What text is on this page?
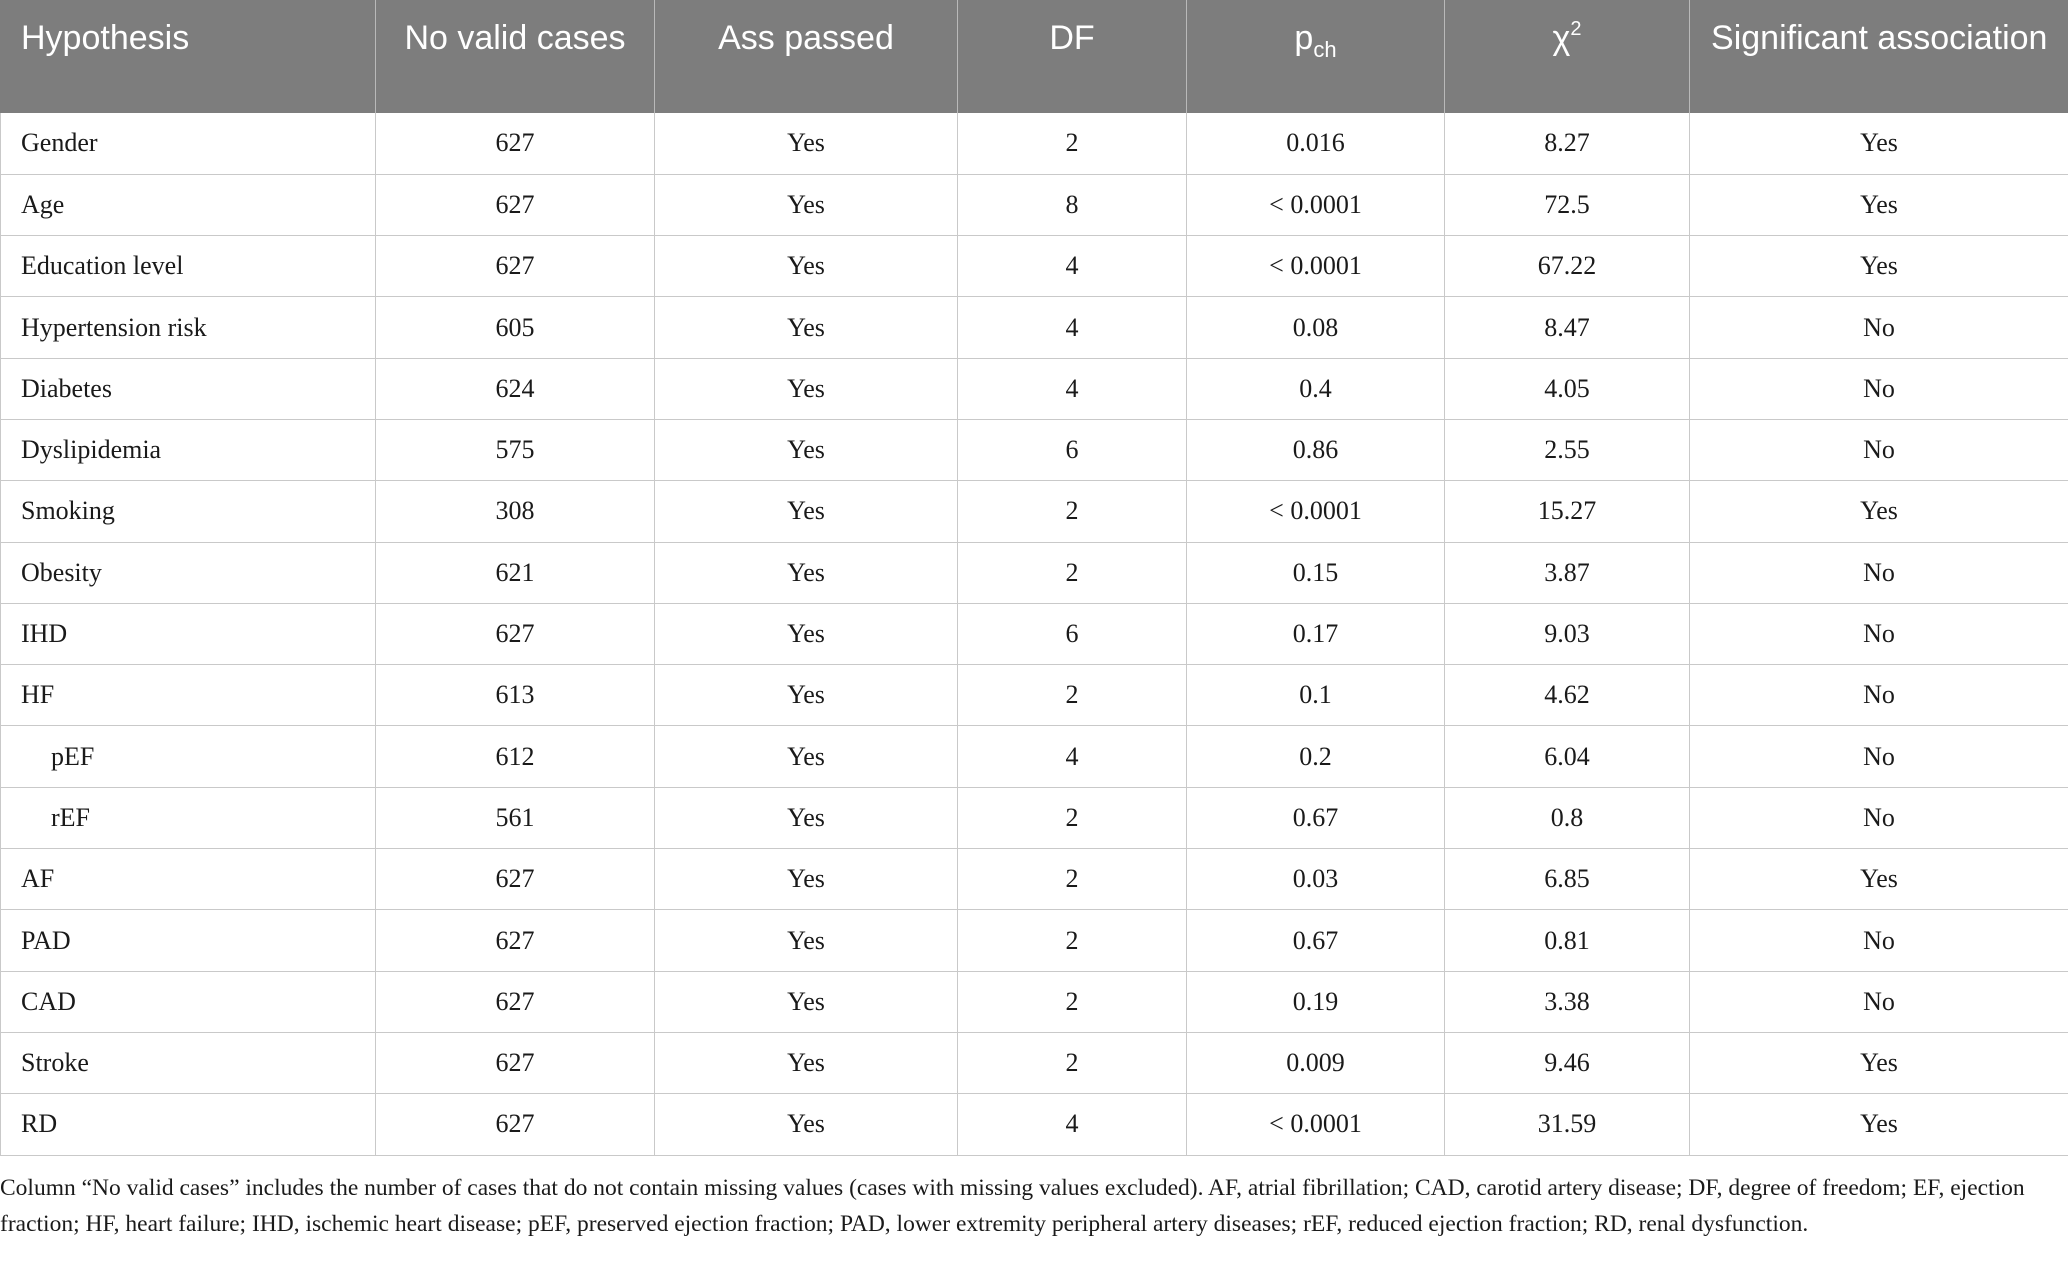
Hypothesis	No valid cases	Ass passed	DF	$p_{ch}$	$\chi^2$	Significant association
Gender	627	Yes	2	0.016	8.27	Yes
Age	627	Yes	8	< 0.0001	72.5	Yes
Education level	627	Yes	4	< 0.0001	67.22	Yes
Hypertension risk	605	Yes	4	0.08	8.47	No
Diabetes	624	Yes	4	0.4	4.05	No
Dyslipidemia	575	Yes	6	0.86	2.55	No
Smoking	308	Yes	2	< 0.0001	15.27	Yes
Obesity	621	Yes	2	0.15	3.87	No
IHD	627	Yes	6	0.17	9.03	No
HF	613	Yes	2	0.1	4.62	No
pEF	612	Yes	4	0.2	6.04	No
rEF	561	Yes	2	0.67	0.8	No
AF	627	Yes	2	0.03	6.85	Yes
PAD	627	Yes	2	0.67	0.81	No
CAD	627	Yes	2	0.19	3.38	No
Stroke	627	Yes	2	0.009	9.46	Yes
RD	627	Yes	4	< 0.0001	31.59	Yes

Column “No valid cases” includes the number of cases that do not contain missing values (cases with missing values excluded). AF, atrial fibrillation; CAD, carotid artery disease; DF, degree of freedom; EF, ejection fraction; HF, heart failure; IHD, ischemic heart disease; pEF, preserved ejection fraction; PAD, lower extremity peripheral artery diseases; rEF, reduced ejection fraction; RD, renal dysfunction.
